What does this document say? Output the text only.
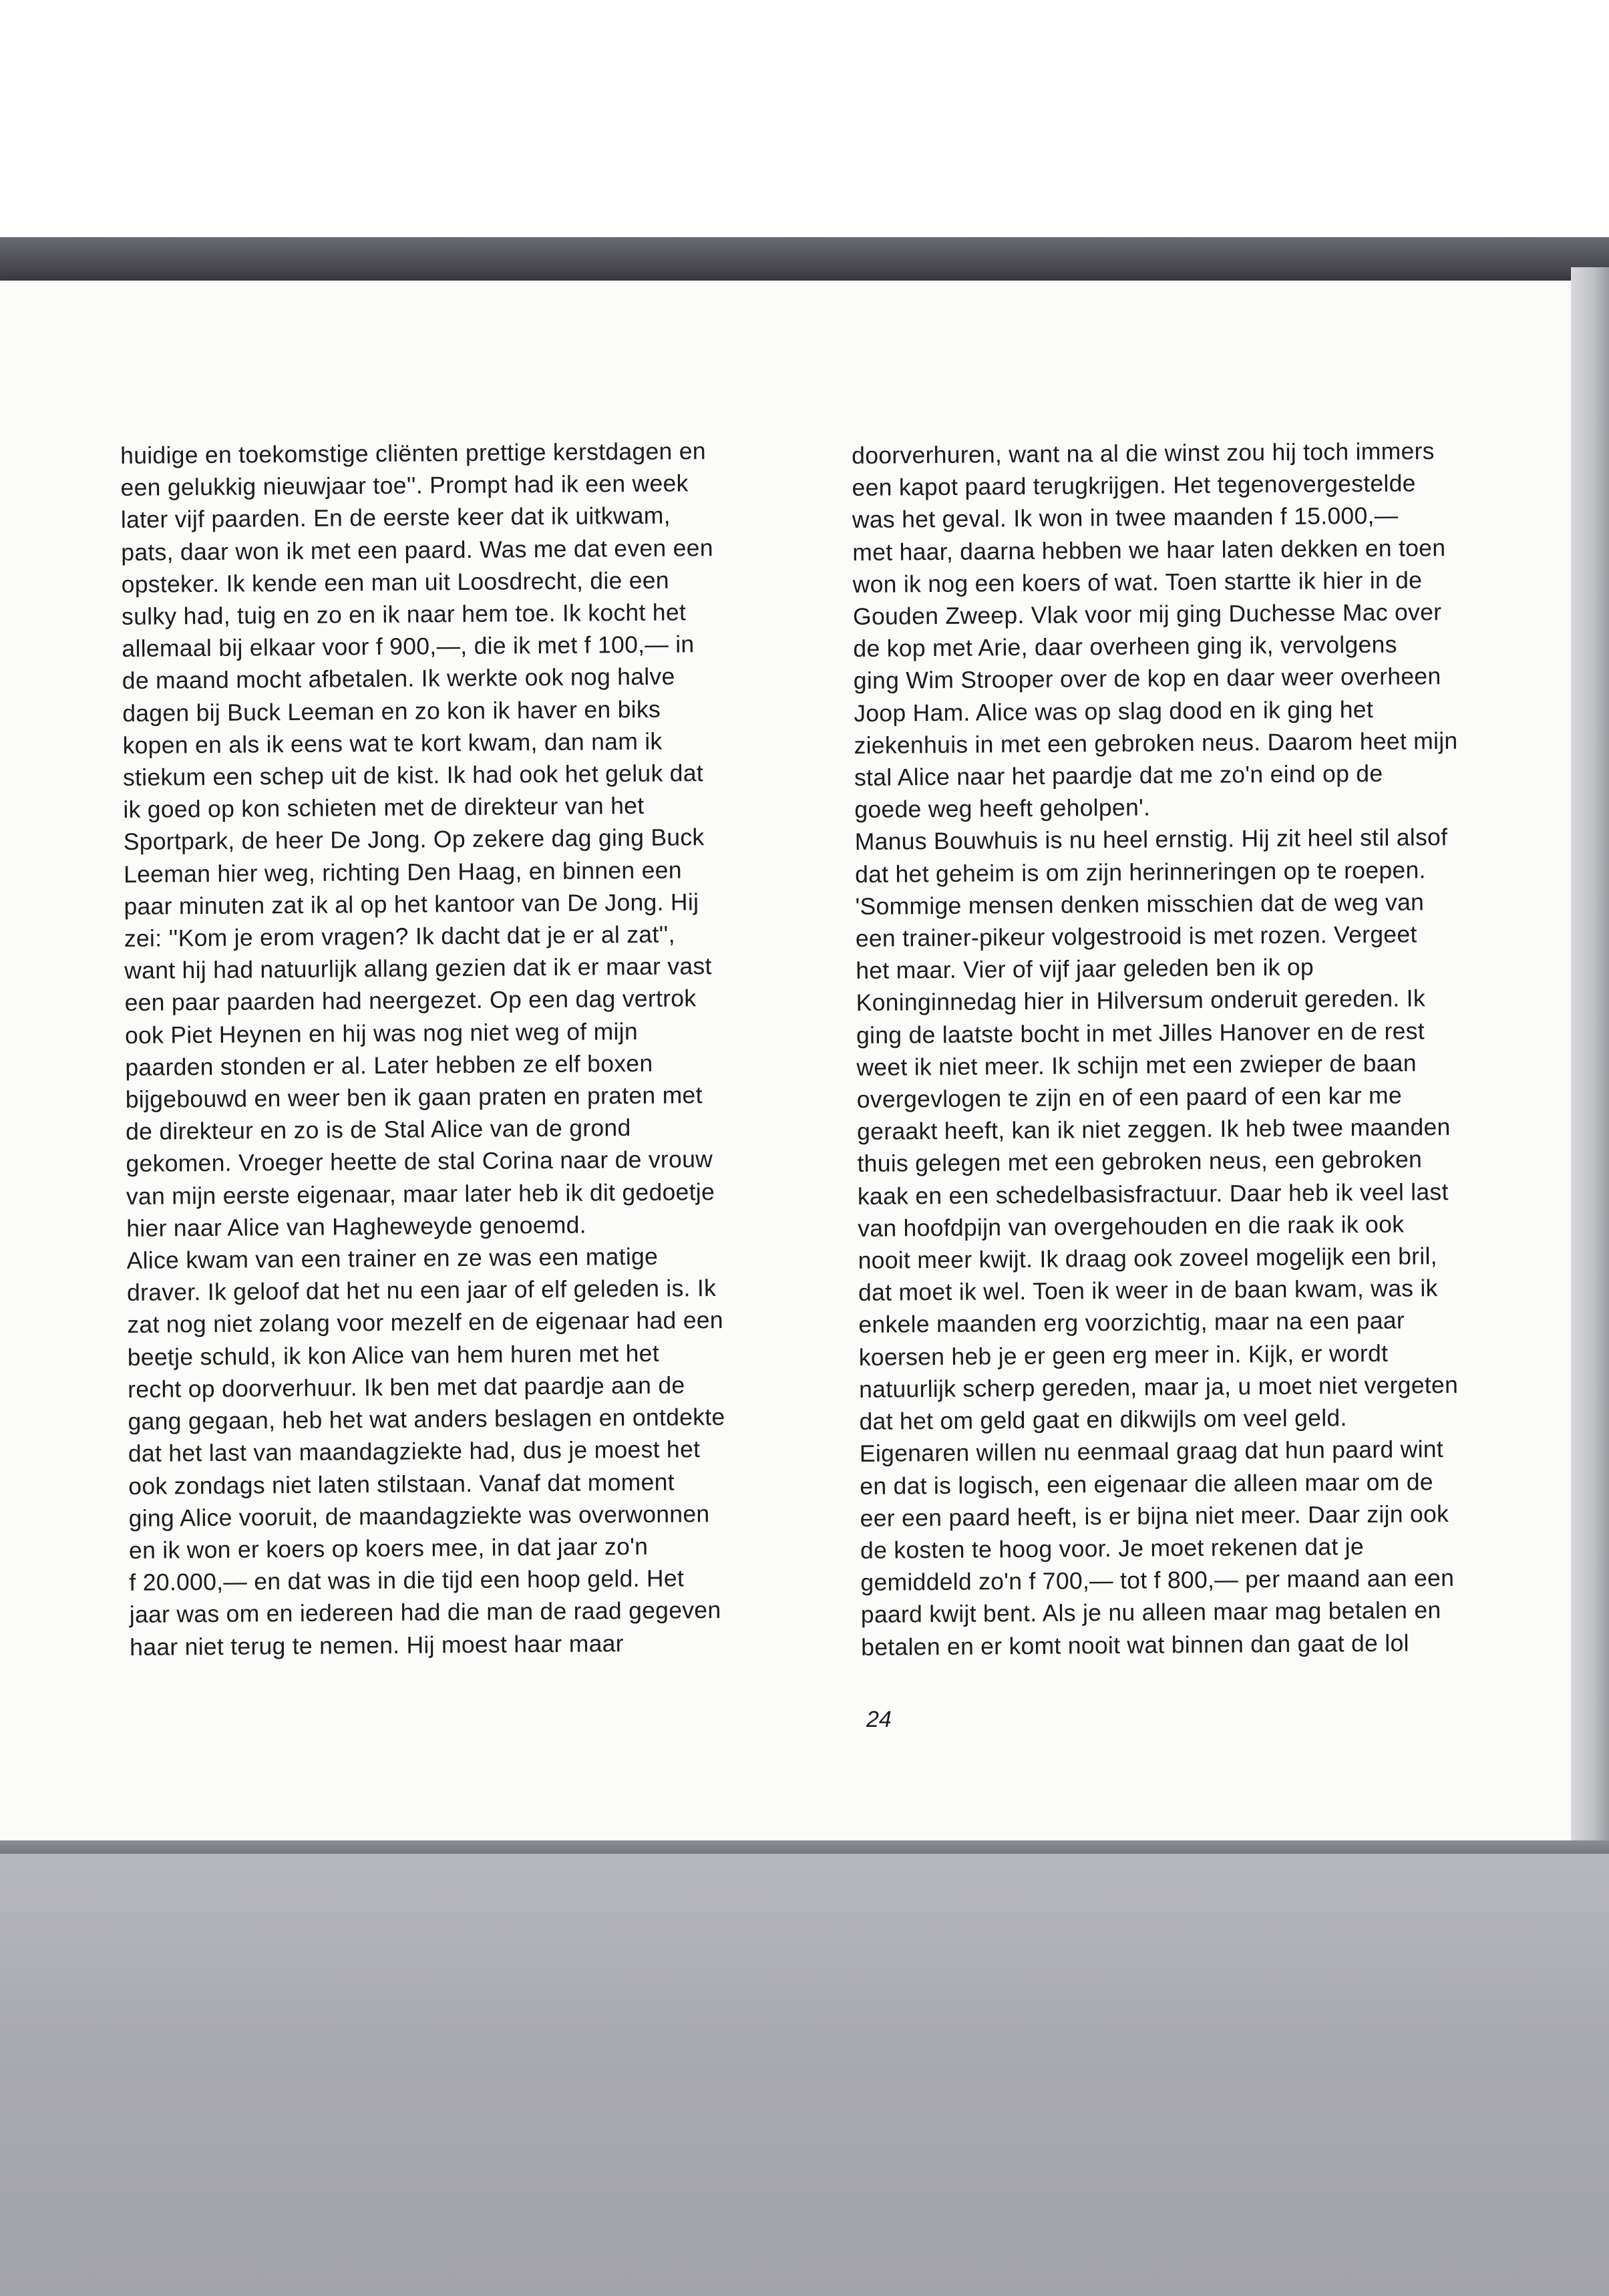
huidige en toekomstige cliënten prettige kerstdagen en
een gelukkig nieuwjaar toe''. Prompt had ik een week
later vijf paarden. En de eerste keer dat ik uitkwam,
pats, daar won ik met een paard. Was me dat even een
opsteker. Ik kende een man uit Loosdrecht, die een
sulky had, tuig en zo en ik naar hem toe. Ik kocht het
allemaal bij elkaar voor f 900,—, die ik met f 100,— in
de maand mocht afbetalen. Ik werkte ook nog halve
dagen bij Buck Leeman en zo kon ik haver en biks
kopen en als ik eens wat te kort kwam, dan nam ik
stiekum een schep uit de kist. Ik had ook het geluk dat
ik goed op kon schieten met de direkteur van het
Sportpark, de heer De Jong. Op zekere dag ging Buck
Leeman hier weg, richting Den Haag, en binnen een
paar minuten zat ik al op het kantoor van De Jong. Hij
zei: ''Kom je erom vragen? Ik dacht dat je er al zat'',
want hij had natuurlijk allang gezien dat ik er maar vast
een paar paarden had neergezet. Op een dag vertrok
ook Piet Heynen en hij was nog niet weg of mijn
paarden stonden er al. Later hebben ze elf boxen
bijgebouwd en weer ben ik gaan praten en praten met
de direkteur en zo is de Stal Alice van de grond
gekomen. Vroeger heette de stal Corina naar de vrouw
van mijn eerste eigenaar, maar later heb ik dit gedoetje
hier naar Alice van Hagheweyde genoemd.
Alice kwam van een trainer en ze was een matige
draver. Ik geloof dat het nu een jaar of elf geleden is. Ik
zat nog niet zolang voor mezelf en de eigenaar had een
beetje schuld, ik kon Alice van hem huren met het
recht op doorverhuur. Ik ben met dat paardje aan de
gang gegaan, heb het wat anders beslagen en ontdekte
dat het last van maandagziekte had, dus je moest het
ook zondags niet laten stilstaan. Vanaf dat moment
ging Alice vooruit, de maandagziekte was overwonnen
en ik won er koers op koers mee, in dat jaar zo'n
f 20.000,— en dat was in die tijd een hoop geld. Het
jaar was om en iedereen had die man de raad gegeven
haar niet terug te nemen. Hij moest haar maar
doorverhuren, want na al die winst zou hij toch immers
een kapot paard terugkrijgen. Het tegenovergestelde
was het geval. Ik won in twee maanden f 15.000,—
met haar, daarna hebben we haar laten dekken en toen
won ik nog een koers of wat. Toen startte ik hier in de
Gouden Zweep. Vlak voor mij ging Duchesse Mac over
de kop met Arie, daar overheen ging ik, vervolgens
ging Wim Strooper over de kop en daar weer overheen
Joop Ham. Alice was op slag dood en ik ging het
ziekenhuis in met een gebroken neus. Daarom heet mijn
stal Alice naar het paardje dat me zo'n eind op de
goede weg heeft geholpen'.
Manus Bouwhuis is nu heel ernstig. Hij zit heel stil alsof
dat het geheim is om zijn herinneringen op te roepen.
'Sommige mensen denken misschien dat de weg van
een trainer-pikeur volgestrooid is met rozen. Vergeet
het maar. Vier of vijf jaar geleden ben ik op
Koninginnedag hier in Hilversum onderuit gereden. Ik
ging de laatste bocht in met Jilles Hanover en de rest
weet ik niet meer. Ik schijn met een zwieper de baan
overgevlogen te zijn en of een paard of een kar me
geraakt heeft, kan ik niet zeggen. Ik heb twee maanden
thuis gelegen met een gebroken neus, een gebroken
kaak en een schedelbasisfractuur. Daar heb ik veel last
van hoofdpijn van overgehouden en die raak ik ook
nooit meer kwijt. Ik draag ook zoveel mogelijk een bril,
dat moet ik wel. Toen ik weer in de baan kwam, was ik
enkele maanden erg voorzichtig, maar na een paar
koersen heb je er geen erg meer in. Kijk, er wordt
natuurlijk scherp gereden, maar ja, u moet niet vergeten
dat het om geld gaat en dikwijls om veel geld.
Eigenaren willen nu eenmaal graag dat hun paard wint
en dat is logisch, een eigenaar die alleen maar om de
eer een paard heeft, is er bijna niet meer. Daar zijn ook
de kosten te hoog voor. Je moet rekenen dat je
gemiddeld zo'n f 700,— tot f 800,— per maand aan een
paard kwijt bent. Als je nu alleen maar mag betalen en
betalen en er komt nooit wat binnen dan gaat de lol
24
